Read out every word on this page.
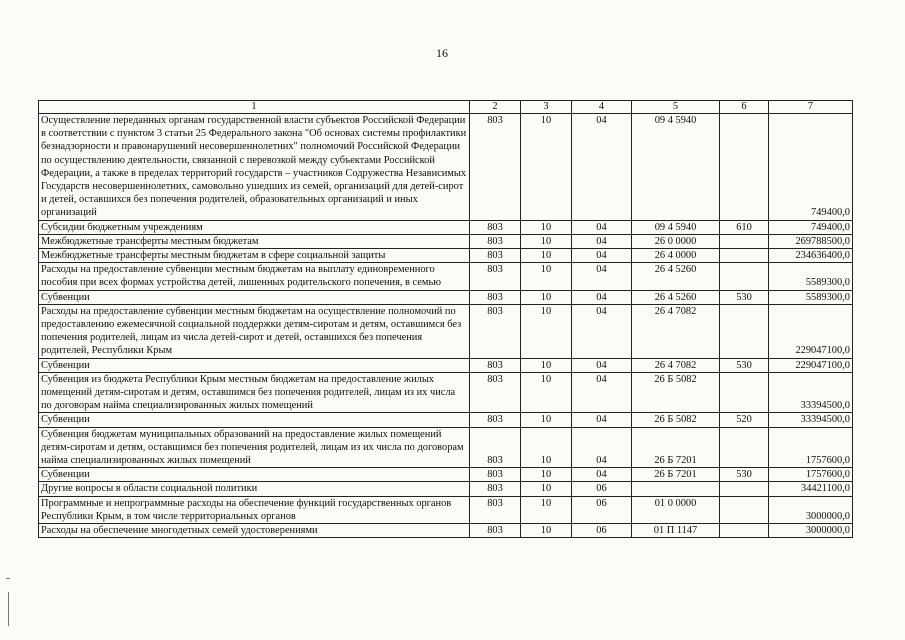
16
1	2	3	4	5	6	7
Осуществление переданных органам государственной власти субъектов Российской Федерации в соответствии с пунктом 3 статьи 25 Федерального закона "Об основах системы профилактики безнадзорности и правонарушений несовершеннолетних" полномочий Российской Федерации по осуществлению деятельности, связанной с перевозкой между субъектами Российской Федерации, а также в пределах территорий государств – участников Содружества Независимых Государств несовершеннолетних, самовольно ушедших из семей, организаций для детей-сирот и детей, оставшихся без попечения родителей, образовательных организаций и иных организаций	803	10	04	09 4 5940		749400,0
Субсидии бюджетным учреждениям	803	10	04	09 4 5940	610	749400,0
Межбюджетные трансферты местным бюджетам	803	10	04	26 0 0000		269788500,0
Межбюджетные трансферты местным бюджетам в сфере социальной защиты	803	10	04	26 4 0000		234636400,0
Расходы на предоставление субвенции местным бюджетам на выплату единовременного пособия при всех формах устройства детей, лишенных родительского попечения, в семью	803	10	04	26 4 5260		5589300,0
Субвенции	803	10	04	26 4 5260	530	5589300,0
Расходы на предоставление субвенции местным бюджетам на осуществление полномочий по предоставлению ежемесячной социальной поддержки детям-сиротам и детям, оставшимся без попечения родителей, лицам из числа детей-сирот и детей, оставшихся без попечения родителей, Республики Крым	803	10	04	26 4 7082		229047100,0
Субвенции	803	10	04	26 4 7082	530	229047100,0
Субвенция из бюджета Республики Крым местным бюджетам на предоставление жилых помещений детям-сиротам и детям, оставшимся без попечения родителей, лицам из их числа по договорам найма специализированных жилых помещений	803	10	04	26 Б 5082		33394500,0
Субвенции	803	10	04	26 Б 5082	520	33394500,0
Субвенция бюджетам муниципальных образований на предоставление жилых помещений детям-сиротам и детям, оставшимся без попечения родителей, лицам из их числа по договорам найма специализированных жилых помещений	803	10	04	26 Б 7201		1757600,0
Субвенции	803	10	04	26 Б 7201	530	1757600,0
Другие вопросы в области социальной политики	803	10	06			34421100,0
Программные и непрограммные расходы на обеспечение функций государственных органов Республики Крым, в том числе территориальных органов	803	10	06	01 0 0000		3000000,0
Расходы на обеспечение многодетных семей удостоверениями	803	10	06	01 П 1147		3000000,0
